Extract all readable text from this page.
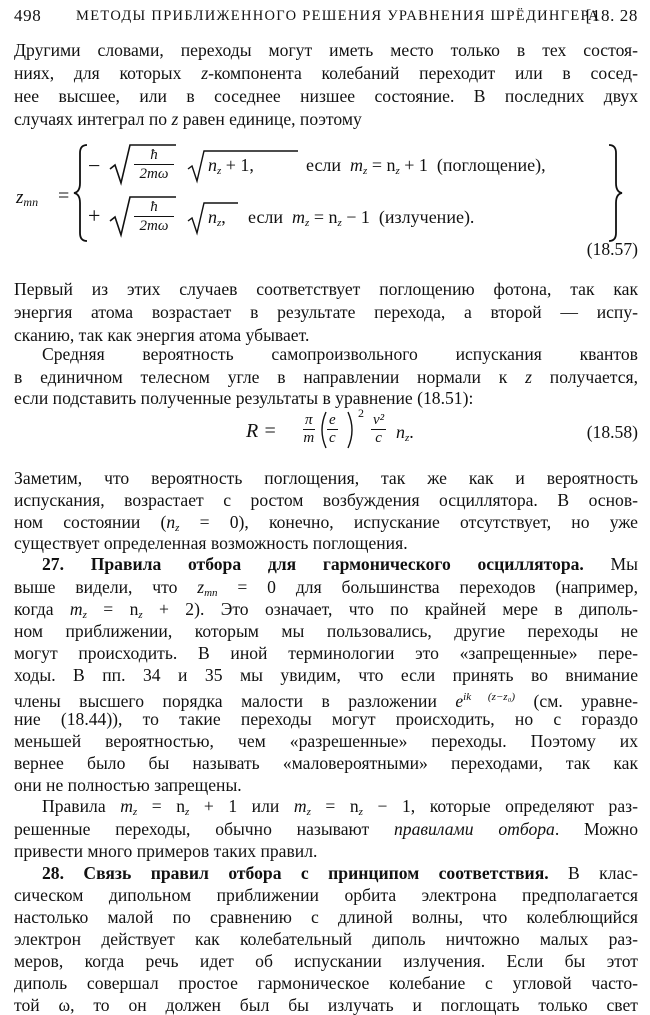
498 МЕТОДЫ ПРИБЛИЖЕННОГО РЕШЕНИЯ УРАВНЕНИЯ ШРЁДИНГЕРА
[18. 28
Другими словами, переходы могут иметь место только в тех состоя-
ниях, для которых z-компонента колебаний переходит или в сосед-
нее высшее, или в соседнее низшее состояние. В последних двух
случаях интеграл по z равен единице, поэтому
$z_{mn}$ =
− $\frac{ħ}{2m\omega} n_z + 1$,	если $m_z = n_z + 1$ (поглощение),
+ $\frac{ħ}{2m\omega} n_z$, если $m_z = n_z - 1$ (излучение).
(18.57)
Первый из этих случаев соответствует поглощению фотона, так как
энергия атома возрастает в результате перехода, а второй — испу-
сканию, так как энергия атома убывает.
Средняя вероятность самопроизвольного испускания квантов
в единичном телесном угле в направлении нормали к z получается,
если подставить полученные результаты в уравнение (18.51):
$R = \frac{\pi}{m} \frac{e}{c} 2 \frac{\text{ν²}}{c} n_z$.	(18.58)
Заметим, что вероятность поглощения, так же как и вероятность
испускания, возрастает с ростом возбуждения осциллятора. В основ-
ном состоянии $(n_z = 0)$, конечно, испускание отсутствует, но уже
существует определенная возможность поглощения.
27. Правила отбора для гармонического осциллятора. Мы
выше видели, что $z_{mn} = 0$ для большинства переходов (например,
когда $m_z = n_z + 2$). Это означает, что по крайней мере в диполь-
ном приближении, которым мы пользовались, другие переходы не
могут происходить. В иной терминологии это «запрещенные» пере-
ходы. В пп. 34 и 35 мы увидим, что если принять во внимание
члены высшего порядка малости в разложении $e^{ik (z-z_0)}$ (см. уравне-
ние (18.44)), то такие переходы могут происходить, но с гораздо
меньшей вероятностью, чем «разрешенные» переходы. Поэтому их
вернее было бы называть «маловероятными» переходами, так как
они не полностью запрещены.
Правила $m_z = n_z + 1$ или $m_z = n_z - 1$, которые определяют раз-
решенные переходы, обычно называют правилами отбора. Можно
привести много примеров таких правил.
28. Связь правил отбора с принципом соответствия. В клас-
сическом дипольном приближении орбита электрона предполагается
настолько малой по сравнению с длиной волны, что колеблющийся
электрон действует как колебательный диполь ничтожно малых раз-
меров, когда речь идет об испускании излучения. Если бы этот
диполь совершал простое гармоническое колебание с угловой часто-
той ω, то он должен был бы излучать и поглощать только свет
